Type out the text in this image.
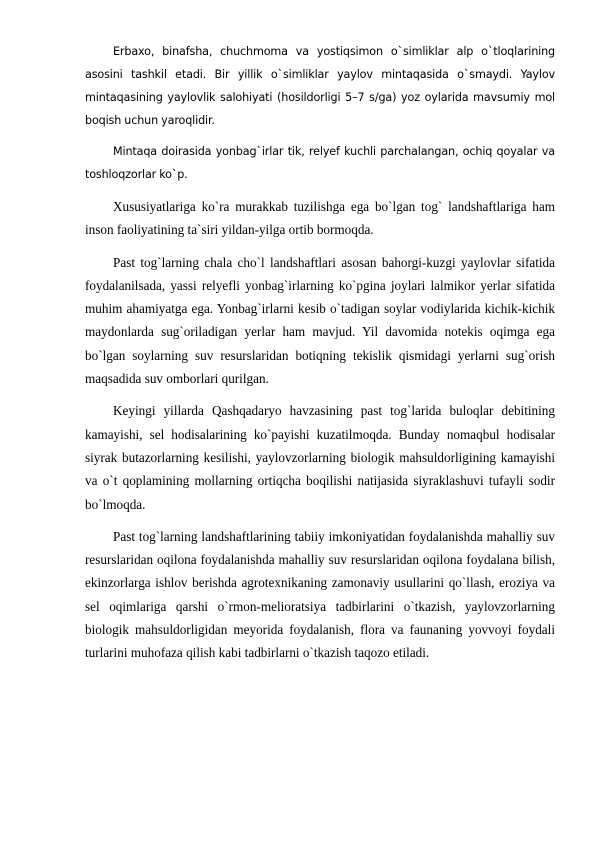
Erbaxo, binafsha, chuchmoma va yostiqsimon o`simliklar alp o`tloqlarining asosini tashkil etadi. Bir yillik o`simliklar yaylov mintaqasida o`smaydi. Yaylov mintaqasining yaylovlik salohiyati (hosildorligi 5–7 s/ga) yoz oylarida mavsumiy mol boqish uchun yaroqlidir.

Mintaqa doirasida yonbag`irlar tik, relyef kuchli parchalangan, ochiq qoyalar va toshloqzorlar ko`p.

Xususiyatlariga ko`ra murakkab tuzilishga ega bo`lgan tog` landshaftlariga ham inson faoliyatining ta`siri yildan-yilga ortib bormoqda.

Past tog`larning chala cho`l landshaftlari asosan bahorgi-kuzgi yaylovlar sifatida foydalanilsada, yassi relyefli yonbag`irlarning ko`pgina joylari lalmikor yerlar sifatida muhim ahamiyatga ega. Yonbag`irlarni kesib o`tadigan soylar vodiylarida kichik-kichik maydonlarda sug`oriladigan yerlar ham mavjud. Yil davomida notekis oqimga ega bo`lgan soylarning suv resurslaridan botiqning tekislik qismidagi yerlarni sug`orish maqsadida suv omborlari qurilgan.

Keyingi yillarda Qashqadaryo havzasining past tog`larida buloqlar debitining kamayishi, sel hodisalarining ko`payishi kuzatilmoqda. Bunday nomaqbul hodisalar siyrak butazorlarning kesilishi, yaylovzorlarning biologik mahsuldorligining kamayishi va o`t qoplamining mollarning ortiqcha boqilishi natijasida siyraklashuvi tufayli sodir bo`lmoqda.

Past tog`larning landshaftlarining tabiiy imkoniyatidan foydalanishda mahalliy suv resurslaridan oqilona foydalanishda mahalliy suv resurslaridan oqilona foydalana bilish, ekinzorlarga ishlov berishda agrotexnikaning zamonaviy usullarini qo`llash, eroziya va sel oqimlariga qarshi o`rmon-melioratsiya tadbirlarini o`tkazish, yaylovzorlarning biologik mahsuldorligidan meyorida foydalanish, flora va faunaning yovvoyi foydali turlarini muhofaza qilish kabi tadbirlarni o`tkazish taqozo etiladi.
